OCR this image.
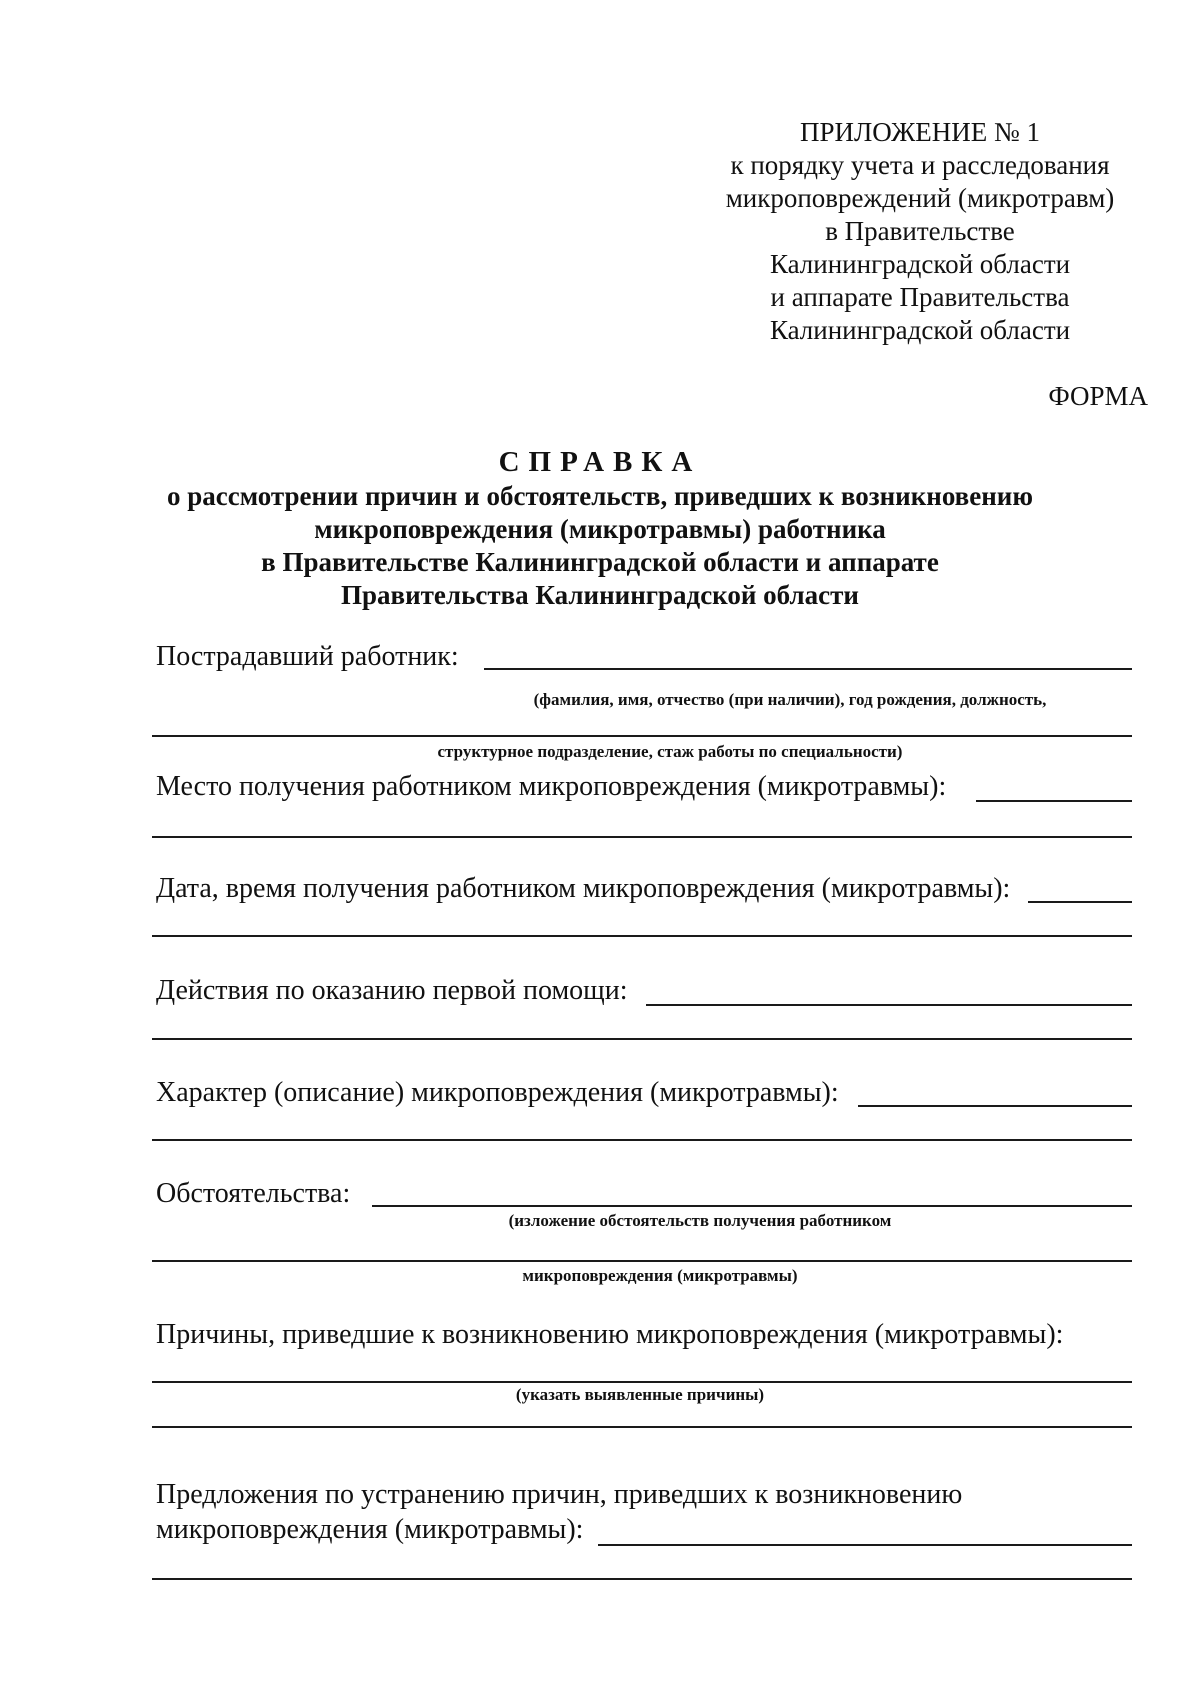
ПРИЛОЖЕНИЕ № 1
к порядку учета и расследования
микроповреждений (микротравм)
в Правительстве
Калининградской области
и аппарате Правительства
Калининградской области
ФОРМА
СПРАВКА
о рассмотрении причин и обстоятельств, приведших к возникновению
микроповреждения (микротравмы) работника
в Правительстве Калининградской области и аппарате
Правительства Калининградской области
Пострадавший работник:
(фамилия, имя, отчество (при наличии), год рождения, должность,
структурное подразделение, стаж работы по специальности)
Место получения работником микроповреждения (микротравмы):
Дата, время получения работником микроповреждения (микротравмы):
Действия по оказанию первой помощи:
Характер (описание) микроповреждения (микротравмы):
Обстоятельства:
(изложение обстоятельств получения работником
микроповреждения (микротравмы)
Причины, приведшие к возникновению микроповреждения (микротравмы):
(указать выявленные причины)
Предложения по устранению причин, приведших к возникновению
микроповреждения (микротравмы):
